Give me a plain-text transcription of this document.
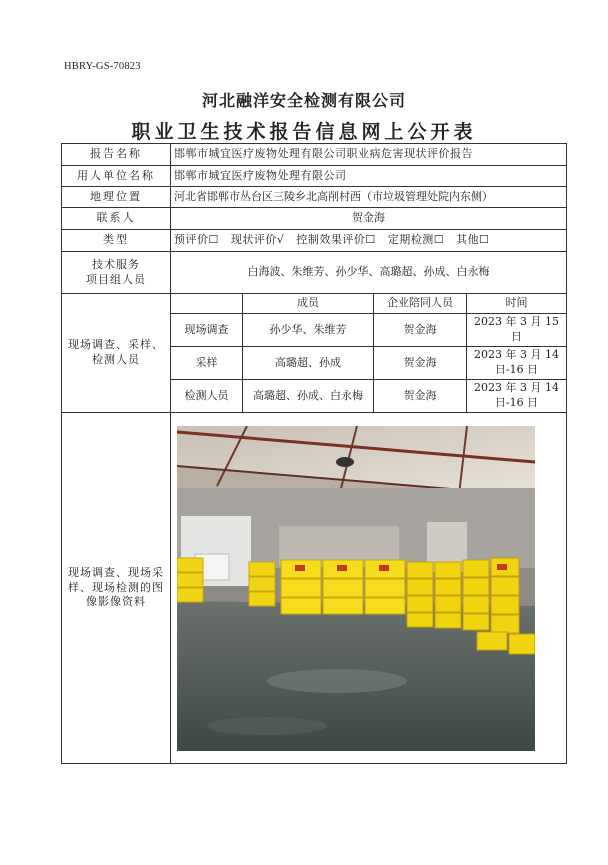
HBRY-GS-70823
河北融洋安全检测有限公司
职业卫生技术报告信息网上公开表
报告名称	邯郸市城宜医疗废物处理有限公司职业病危害现状评价报告			
用人单位名称	邯郸市城宜医疗废物处理有限公司			
地理位置	河北省邯郸市丛台区三陵乡北高削村西（市垃圾管理处院内东侧）			
联系人	贺金海			
类型	预评价☐ 现状评价√ 控制效果评价☐ 定期检测☐ 其他☐			

技术服务
项目组人员	白海波、朱维芳、孙少华、高璐超、孙成、白永梅			
现场调查、采样、检测人员		成员	企业陪同人员	时间
	现场调查	孙少华、朱维芳	贺金海	2023 年 3 月 15
日

	采样	高璐超、孙成	贺金海	2023 年 3 月 14
日-16 日

	检测人员	高璐超、孙成、白永梅	贺金海	2023 年 3 月 14
日-16 日

现场调查、现场采样、现场检测的图像影像资料	
